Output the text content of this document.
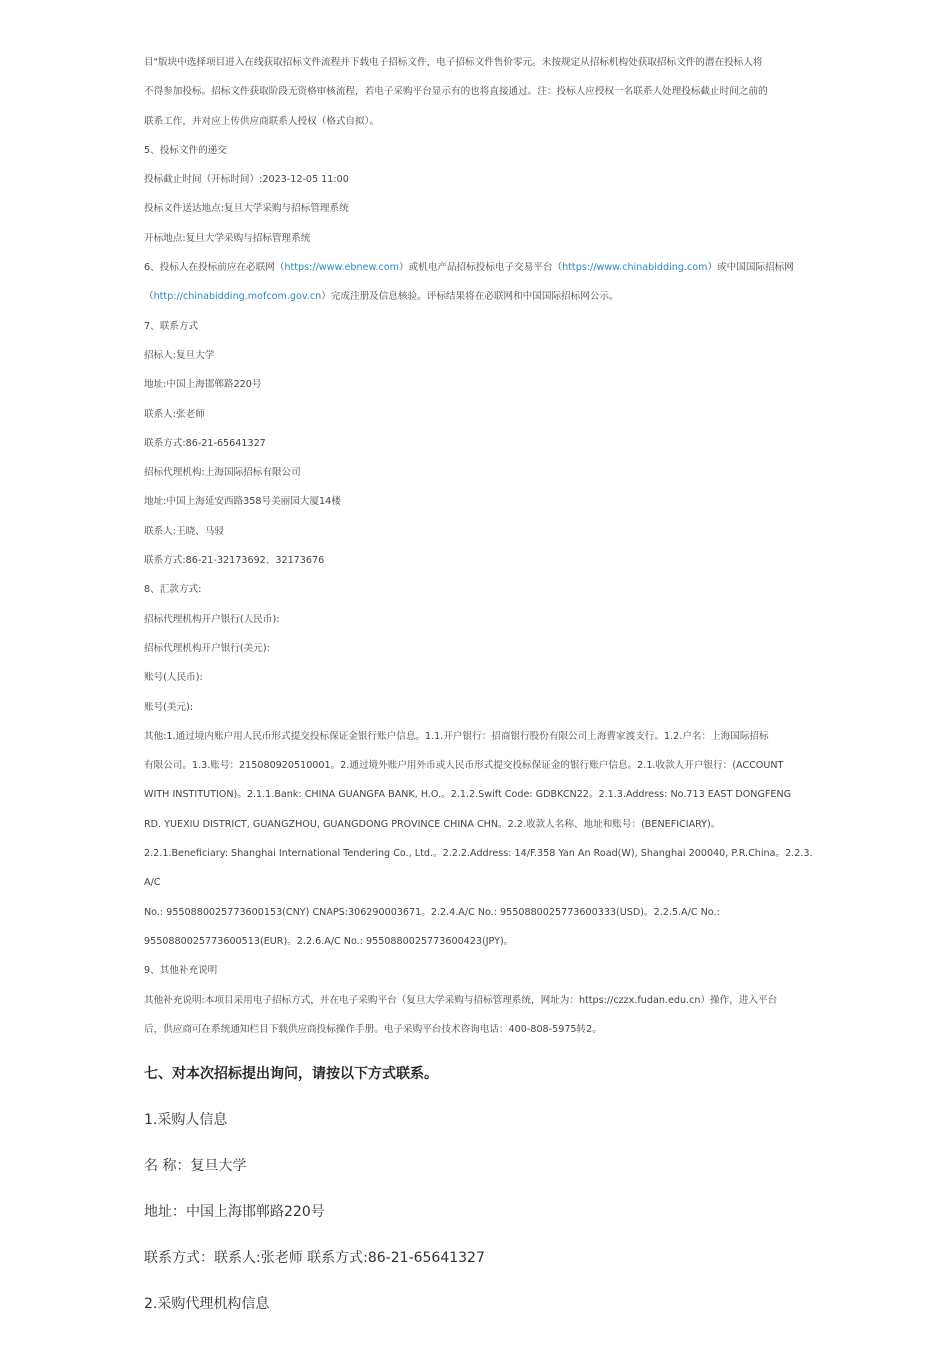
目"版块中选择项目进入在线获取招标文件流程并下载电子招标文件，电子招标文件售价零元。未按规定从招标机构处获取招标文件的潜在投标人将

不得参加投标。招标文件获取阶段无资格审核流程，若电子采购平台显示有的也将直接通过。注：投标人应授权一名联系人处理投标截止时间之前的

联系工作，并对应上传供应商联系人授权（格式自拟）。

5、投标文件的递交

投标截止时间（开标时间）:2023-12-05 11:00

投标文件送达地点:复旦大学采购与招标管理系统

开标地点:复旦大学采购与招标管理系统

6、投标人在投标前应在必联网（https://www.ebnew.com）或机电产品招标投标电子交易平台（https://www.chinabidding.com）或中国国际招标网

（http://chinabidding.mofcom.gov.cn）完成注册及信息核验。评标结果将在必联网和中国国际招标网公示。

7、联系方式

招标人:复旦大学

地址:中国上海邯郸路220号

联系人:张老师

联系方式:86-21-65641327

招标代理机构:上海国际招标有限公司

地址:中国上海延安西路358号美丽园大厦14楼

联系人:王晓、马骎

联系方式:86-21-32173692、32173676

8、汇款方式:

招标代理机构开户银行(人民币):

招标代理机构开户银行(美元):

账号(人民币):

账号(美元):

其他:1.通过境内账户用人民币形式提交投标保证金银行账户信息。1.1.开户银行：招商银行股份有限公司上海曹家渡支行。1.2.户名：上海国际招标

有限公司。1.3.账号：215080920510001。2.通过境外账户用外币或人民币形式提交投标保证金的银行账户信息。2.1.收款人开户银行：(ACCOUNT

WITH INSTITUTION)。2.1.1.Bank: CHINA GUANGFA BANK, H.O.。2.1.2.Swift Code: GDBKCN22。2.1.3.Address: No.713 EAST DONGFENG

RD. YUEXIU DISTRICT, GUANGZHOU, GUANGDONG PROVINCE CHINA CHN。2.2.收款人名称、地址和账号：(BENEFICIARY)。

2.2.1.Beneficiary: Shanghai International Tendering Co., Ltd.。2.2.2.Address: 14/F.358 Yan An Road(W), Shanghai 200040, P.R.China。2.2.3.A/C

No.: 9550880025773600153(CNY) CNAPS:306290003671。2.2.4.A/C No.: 9550880025773600333(USD)。2.2.5.A/C No.:

9550880025773600513(EUR)。2.2.6.A/C No.: 9550880025773600423(JPY)。

9、其他补充说明

其他补充说明:本项目采用电子招标方式，并在电子采购平台（复旦大学采购与招标管理系统，网址为：https://czzx.fudan.edu.cn）操作，进入平台

后，供应商可在系统通知栏目下载供应商投标操作手册。电子采购平台技术咨询电话：400-808-5975转2。

七、对本次招标提出询问，请按以下方式联系。

1.采购人信息

名 称：复旦大学

地址：中国上海邯郸路220号

联系方式：联系人:张老师 联系方式:86-21-65641327

2.采购代理机构信息
